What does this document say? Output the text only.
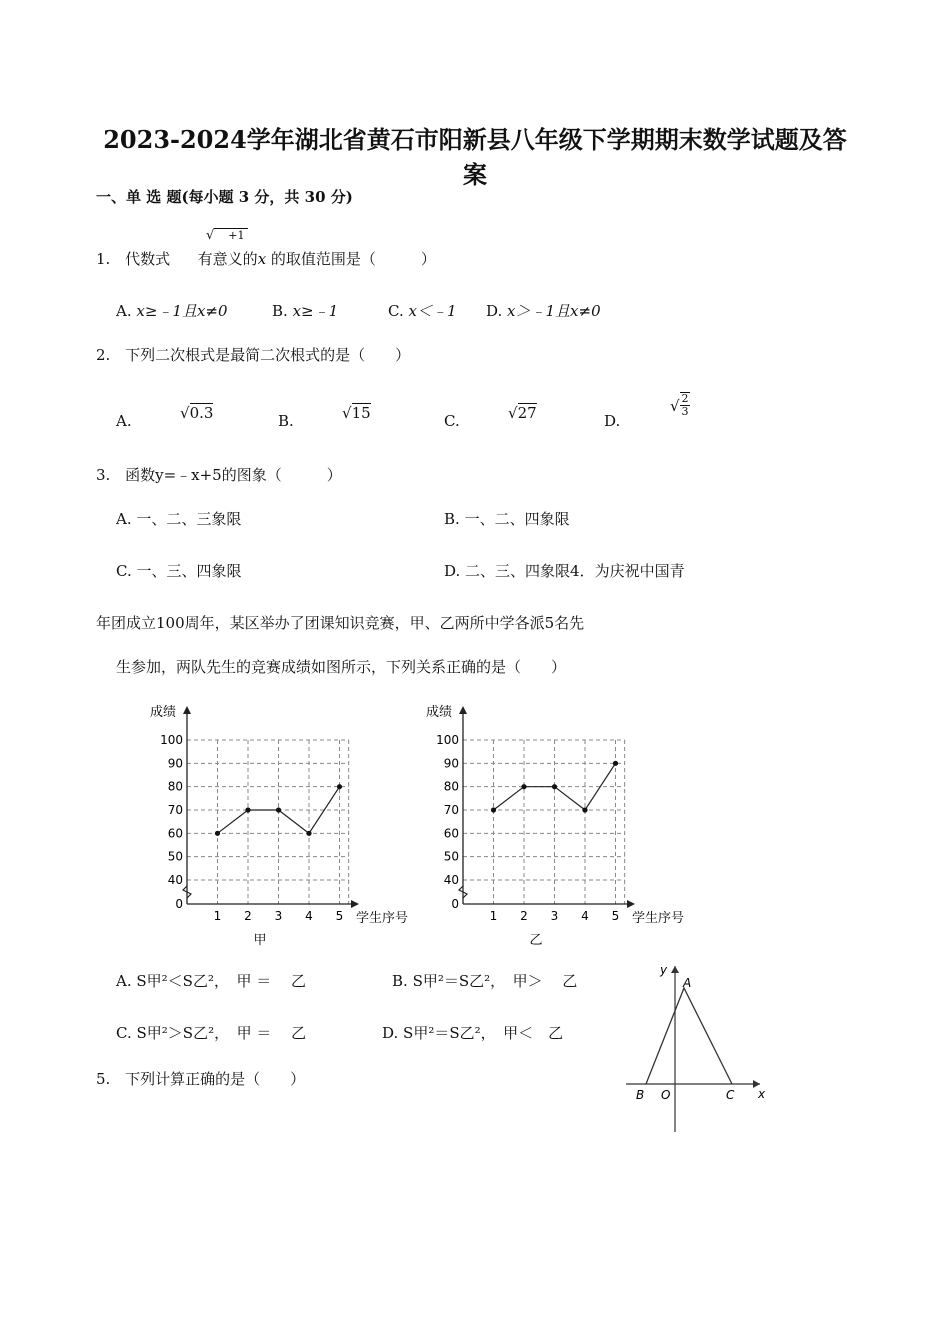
2023-2024学年湖北省黄石市阳新县八年级下学期期末数学试题及答
案
一、单 选 题(每小题 3 分，共 30 分)
1. 代数式 有意义的x 的取值范围是（　　　）
√ +1
A. x≥﹣1且x≠0	B. x≥﹣1	C. x＜﹣1 D. x＞﹣1且x≠0
2. 下列二次根式是最简二次根式的是（　　）
A.	√0.3	B.	√15	C.	√27	D.
√ $\frac{2}{3}$
3. 函数y=﹣x+5的图象（　　　）
A. 一、二、三象限	B. 一、二、四象限
C. 一、三、四象限	D. 二、三、四象限4．为庆祝中国青
年团成立100周年，某区举办了团课知识竞赛，甲、乙两所中学各派5名先
生参加，两队先生的竞赛成绩如图所示，下列关系正确的是（　　）
0
40
50
60
70
80
90
100
1 2 3 4 5
成绩
学生序号
甲
0
40
50
60
70
80
90
100
1 2 3 4 5
成绩
学生序号
乙
A. S甲²＜S乙²，　甲 ＝ 　乙	B. S甲²＝S乙²，　甲＞ 　乙
C. S甲²＞S乙²，　甲 ＝ 　乙	D. S甲²＝S乙²，　甲＜　乙
5. 下列计算正确的是（　　）
A
B	C
O	x
y
